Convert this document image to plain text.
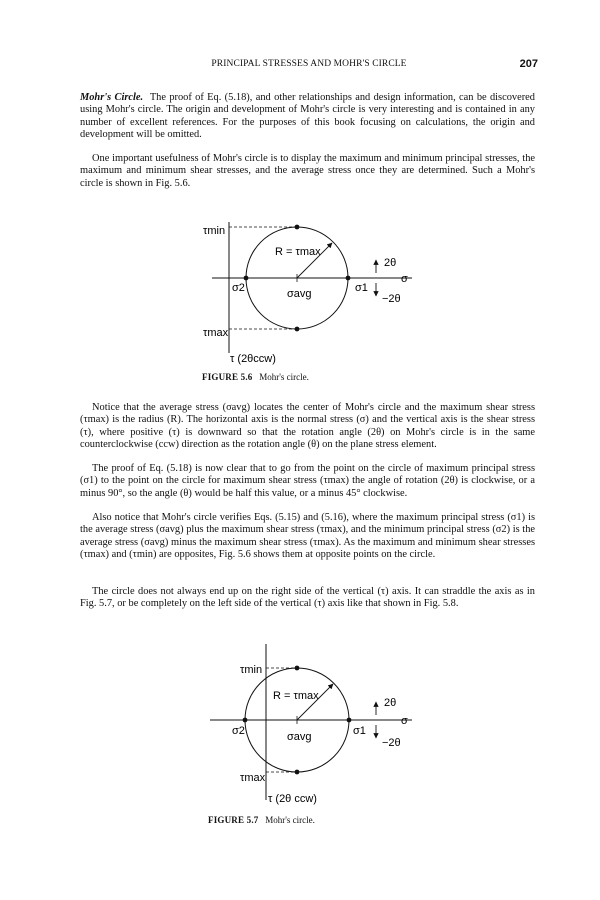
PRINCIPAL STRESSES AND MOHR'S CIRCLE	207

Mohr's Circle. The proof of Eq. (5.18), and other relationships and design information, can be discovered using Mohr's circle. The origin and development of Mohr's circle is very interesting and is contained in any number of excellent references. For the purposes of this book focusing on calculations, the origin and development will be omitted.

One important usefulness of Mohr's circle is to display the maximum and minimum principal stresses, the maximum and minimum shear stresses, and the average stress once they are determined. Such a Mohr's circle is shown in Fig. 5.6.

τmin
τmax
R = τmax
σ2	σ1
σavg
σ
2θ
−2θ
τ (2θccw)
FIGURE 5.6 Mohr's circle.

Notice that the average stress (σavg) locates the center of Mohr's circle and the maximum shear stress (τmax) is the radius (R). The horizontal axis is the normal stress (σ) and the vertical axis is the shear stress (τ), where positive (τ) is downward so that the rotation angle (2θ) on Mohr's circle is in the same counterclockwise (ccw) direction as the rotation angle (θ) on the plane stress element.

The proof of Eq. (5.18) is now clear that to go from the point on the circle of maximum principal stress (σ1) to the point on the circle for maximum shear stress (τmax) the angle of rotation (2θ) is clockwise, or a minus 90°, so the angle (θ) would be half this value, or a minus 45° clockwise.

Also notice that Mohr's circle verifies Eqs. (5.15) and (5.16), where the maximum principal stress (σ1) is the average stress (σavg) plus the maximum shear stress (τmax), and the minimum principal stress (σ2) is the average stress (σavg) minus the maximum shear stress (τmax). As the maximum and minimum shear stresses (τmax) and (τmin) are opposites, Fig. 5.6 shows them at opposite points on the circle.

The circle does not always end up on the right side of the vertical (τ) axis. It can straddle the axis as in Fig. 5.7, or be completely on the left side of the vertical (τ) axis like that shown in Fig. 5.8.

τmin
τmax
R = τmax
σ2	σ1
σavg
σ
2θ
−2θ
τ (2θ ccw)
FIGURE 5.7 Mohr's circle.
